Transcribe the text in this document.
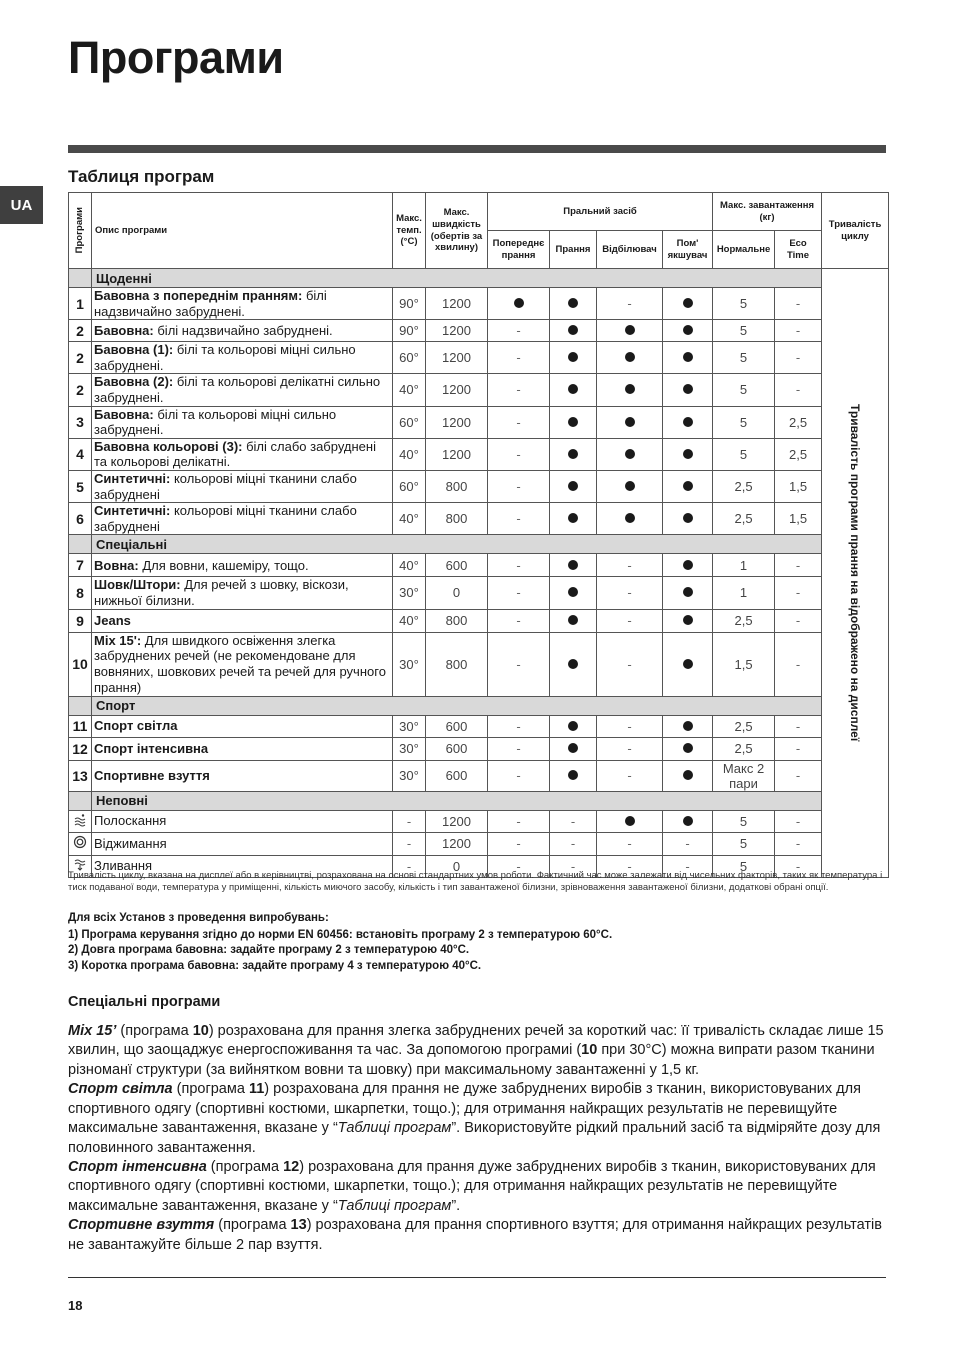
Програми
UA
Таблиця програм
Програми	Опис програми	Макс. темп. (°C)	Макс. швидкість (обертів за хвилину)	Пральний засіб				Макс. завантаження (кг)		Тривалість циклу
				Попереднє прання	Прання	Відбілювач	Пом' якшувач	Нормальне	Eco Time	
	Щоденні									Тривалість програми прання на відображено на дисплеї

1	Бавовна з попереднім пранням: білі надзвичайно забруднені.	90°	1200			-		5	-	
2	Бавовна: білі надзвичайно забруднені.	90°	1200	-				5	-	
2	Бавовна (1): білі та кольорові міцні сильно забруднені.	60°	1200	-				5	-	
2	Бавовна (2): білі та кольорові делікатні сильно забруднені.	40°	1200	-				5	-	
3	Бавовна: білі та кольорові міцні сильно забруднені.	60°	1200	-				5	2,5	
4	Бавовна кольорові (3): білі слабо забруднені та кольорові делікатні.	40°	1200	-				5	2,5	
5	Синтетичні: кольорові міцні тканини слабо забруднені	60°	800	-				2,5	1,5	
6	Синтетичні: кольорові міцні тканини слабо забруднені	40°	800	-				2,5	1,5	
	Спеціальні									
7	Вовна: Для вовни, кашеміру, тощо.	40°	600	-		-		1	-	
8	Шовк/Штори: Для речей з шовку, віскози, нижньої білизни.	30°	0	-		-		1	-	
9	Jeans	40°	800	-		-		2,5	-	
10	Mix 15': Для швидкого освіження злегка забруднених речей (не рекомендоване для вовняних, шовкових речей та речей для ручного прання)	30°	800	-		-		1,5	-	
	Спорт									
11	Спорт світла	30°	600	-		-		2,5	-	
12	Спорт інтенсивна	30°	600	-		-		2,5	-	
13	Спортивне взуття	30°	600	-		-		Макс 2 пари	-	
	Неповні									
	Полоскання	-	1200	-	-			5	-	
	Віджимання	-	1200	-	-	-	-	5	-	
	Зливання	-	0	-	-	-	-	5	-	
Тривалість циклу, вказана на дисплеї або в керівництві, розрахована на основі стандартних умов роботи. Фактичний час може залежати від чисельних факторів, таких як температура і тиск подаваної води, температура у приміщенні, кількість миючого засобу, кількість і тип завантаженої білизни, зрівноваження завантаженої білизни, додаткові обрані опції.
Для всіх Установ з проведення випробувань:
1) Програма керування згідно до норми EN 60456: встановіть програму 2 з температурою 60°C.
2) Довга програма бавовна: задайте програму 2 з температурою 40°C.
3) Коротка програма бавовна: задайте програму 4 з температурою 40°C.
Спеціальні програми

Mix 15’ (програма 10) розрахована для прання злегка забруднених речей за короткий час: її тривалість складає лише 15 хвилин, що заощаджує енергоспоживання та час. За допомогою програмиі (10 при 30°C) можна випрати разом тканини різноманї структури (за вийнятком вовни та шовку) при максимальному завантаженні у 1,5 кг.

Спорт світла (програма 11) розрахована для прання не дуже забруднених виробів з тканин, використовуваних для спортивного одягу (спортивні костюми, шкарпетки, тощо.); для отримання найкращих результатів не перевищуйте максимальне завантаження, вказане у “Таблиці програм”. Використовуйте рідкий пральний засіб та відміряйте дозу для половинного завантаження.

Спорт інтенсивна (програма 12) розрахована для прання дуже забруднених виробів з тканин, використовуваних для спортивного одягу (спортивні костюми, шкарпетки, тощо.); для отримання найкращих результатів не перевищуйте максимальне завантаження, вказане у “Таблиці програм”.

Спортивне взуття (програма 13) розрахована для прання спортивного взуття; для отримання найкращих результатів не завантажуйте більше 2 пар взуття.

18
